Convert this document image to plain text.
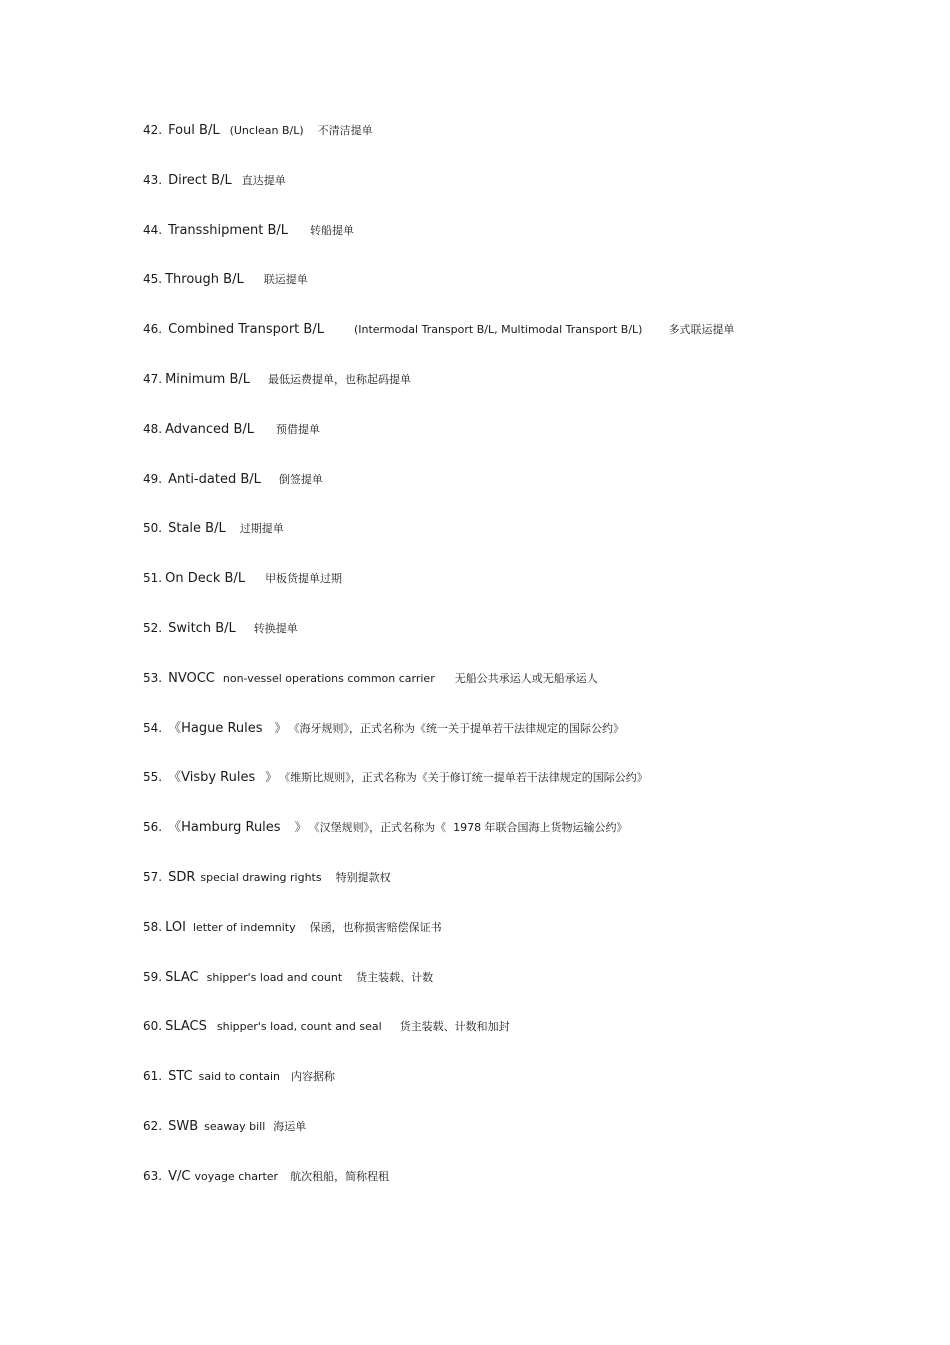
42. Foul B/L (Unclean B/L) 不清洁提单
43. Direct B/L 直达提单
44. Transshipment B/L 转船提单
45. Through B/L 联运提单
46. Combined Transport B/L	(Intermodal Transport B/L, Multimodal Transport B/L) 多式联运提单
47. Minimum B/L 最低运费提单，也称起码提单
48. Advanced B/L 预借提单
49. Anti-dated B/L 倒签提单
50. Stale B/L 过期提单
51. On Deck B/L 甲板货提单过期
52. Switch B/L 转换提单
53. NVOCC non-vessel operations common carrier 无船公共承运人或无船承运人
54. 《Hague Rules 》 《海牙规则》，正式名称为《统一关于提单若干法律规定的国际公约》
55. 《Visby Rules 》 《维斯比规则》，正式名称为《关于修订统一提单若干法律规定的国际公约》
56. 《Hamburg Rules 》 《汉堡规则》，正式名称为《  1978 年联合国海上货物运输公约》
57. SDR special drawing rights 特别提款权
58. LOI letter of indemnity 保函，也称损害赔偿保证书
59. SLAC shipper's load and count 货主装载、计数
60. SLACS shipper's load, count and seal 货主装载、计数和加封
61. STC said to contain 内容据称
62. SWB seaway bill 海运单
63. V/C voyage charter 航次租船，简称程租
